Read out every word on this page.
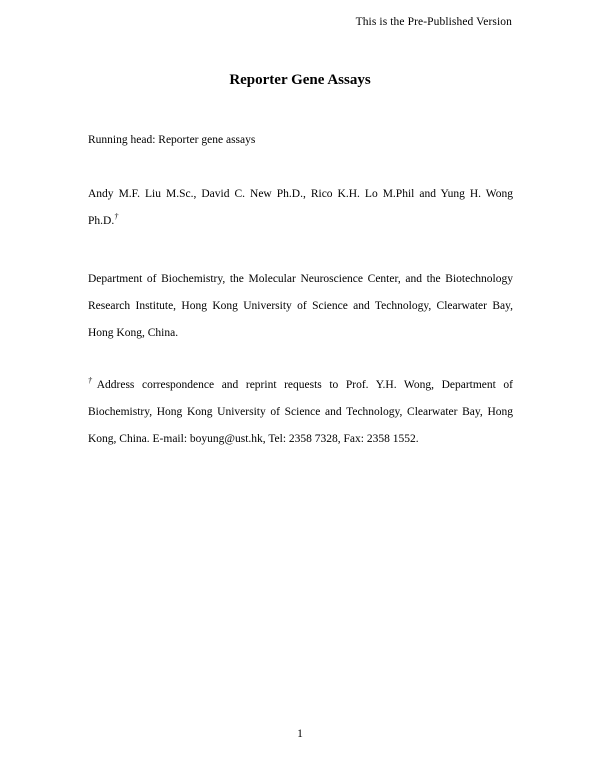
This is the Pre-Published Version
Reporter Gene Assays
Running head: Reporter gene assays
Andy M.F. Liu M.Sc., David C. New Ph.D., Rico K.H. Lo M.Phil and Yung H. Wong Ph.D.†
Department of Biochemistry, the Molecular Neuroscience Center, and the Biotechnology Research Institute, Hong Kong University of Science and Technology, Clearwater Bay, Hong Kong, China.
†Address correspondence and reprint requests to Prof. Y.H. Wong, Department of Biochemistry, Hong Kong University of Science and Technology, Clearwater Bay, Hong Kong, China. E-mail: boyung@ust.hk, Tel: 2358 7328, Fax: 2358 1552.
1
